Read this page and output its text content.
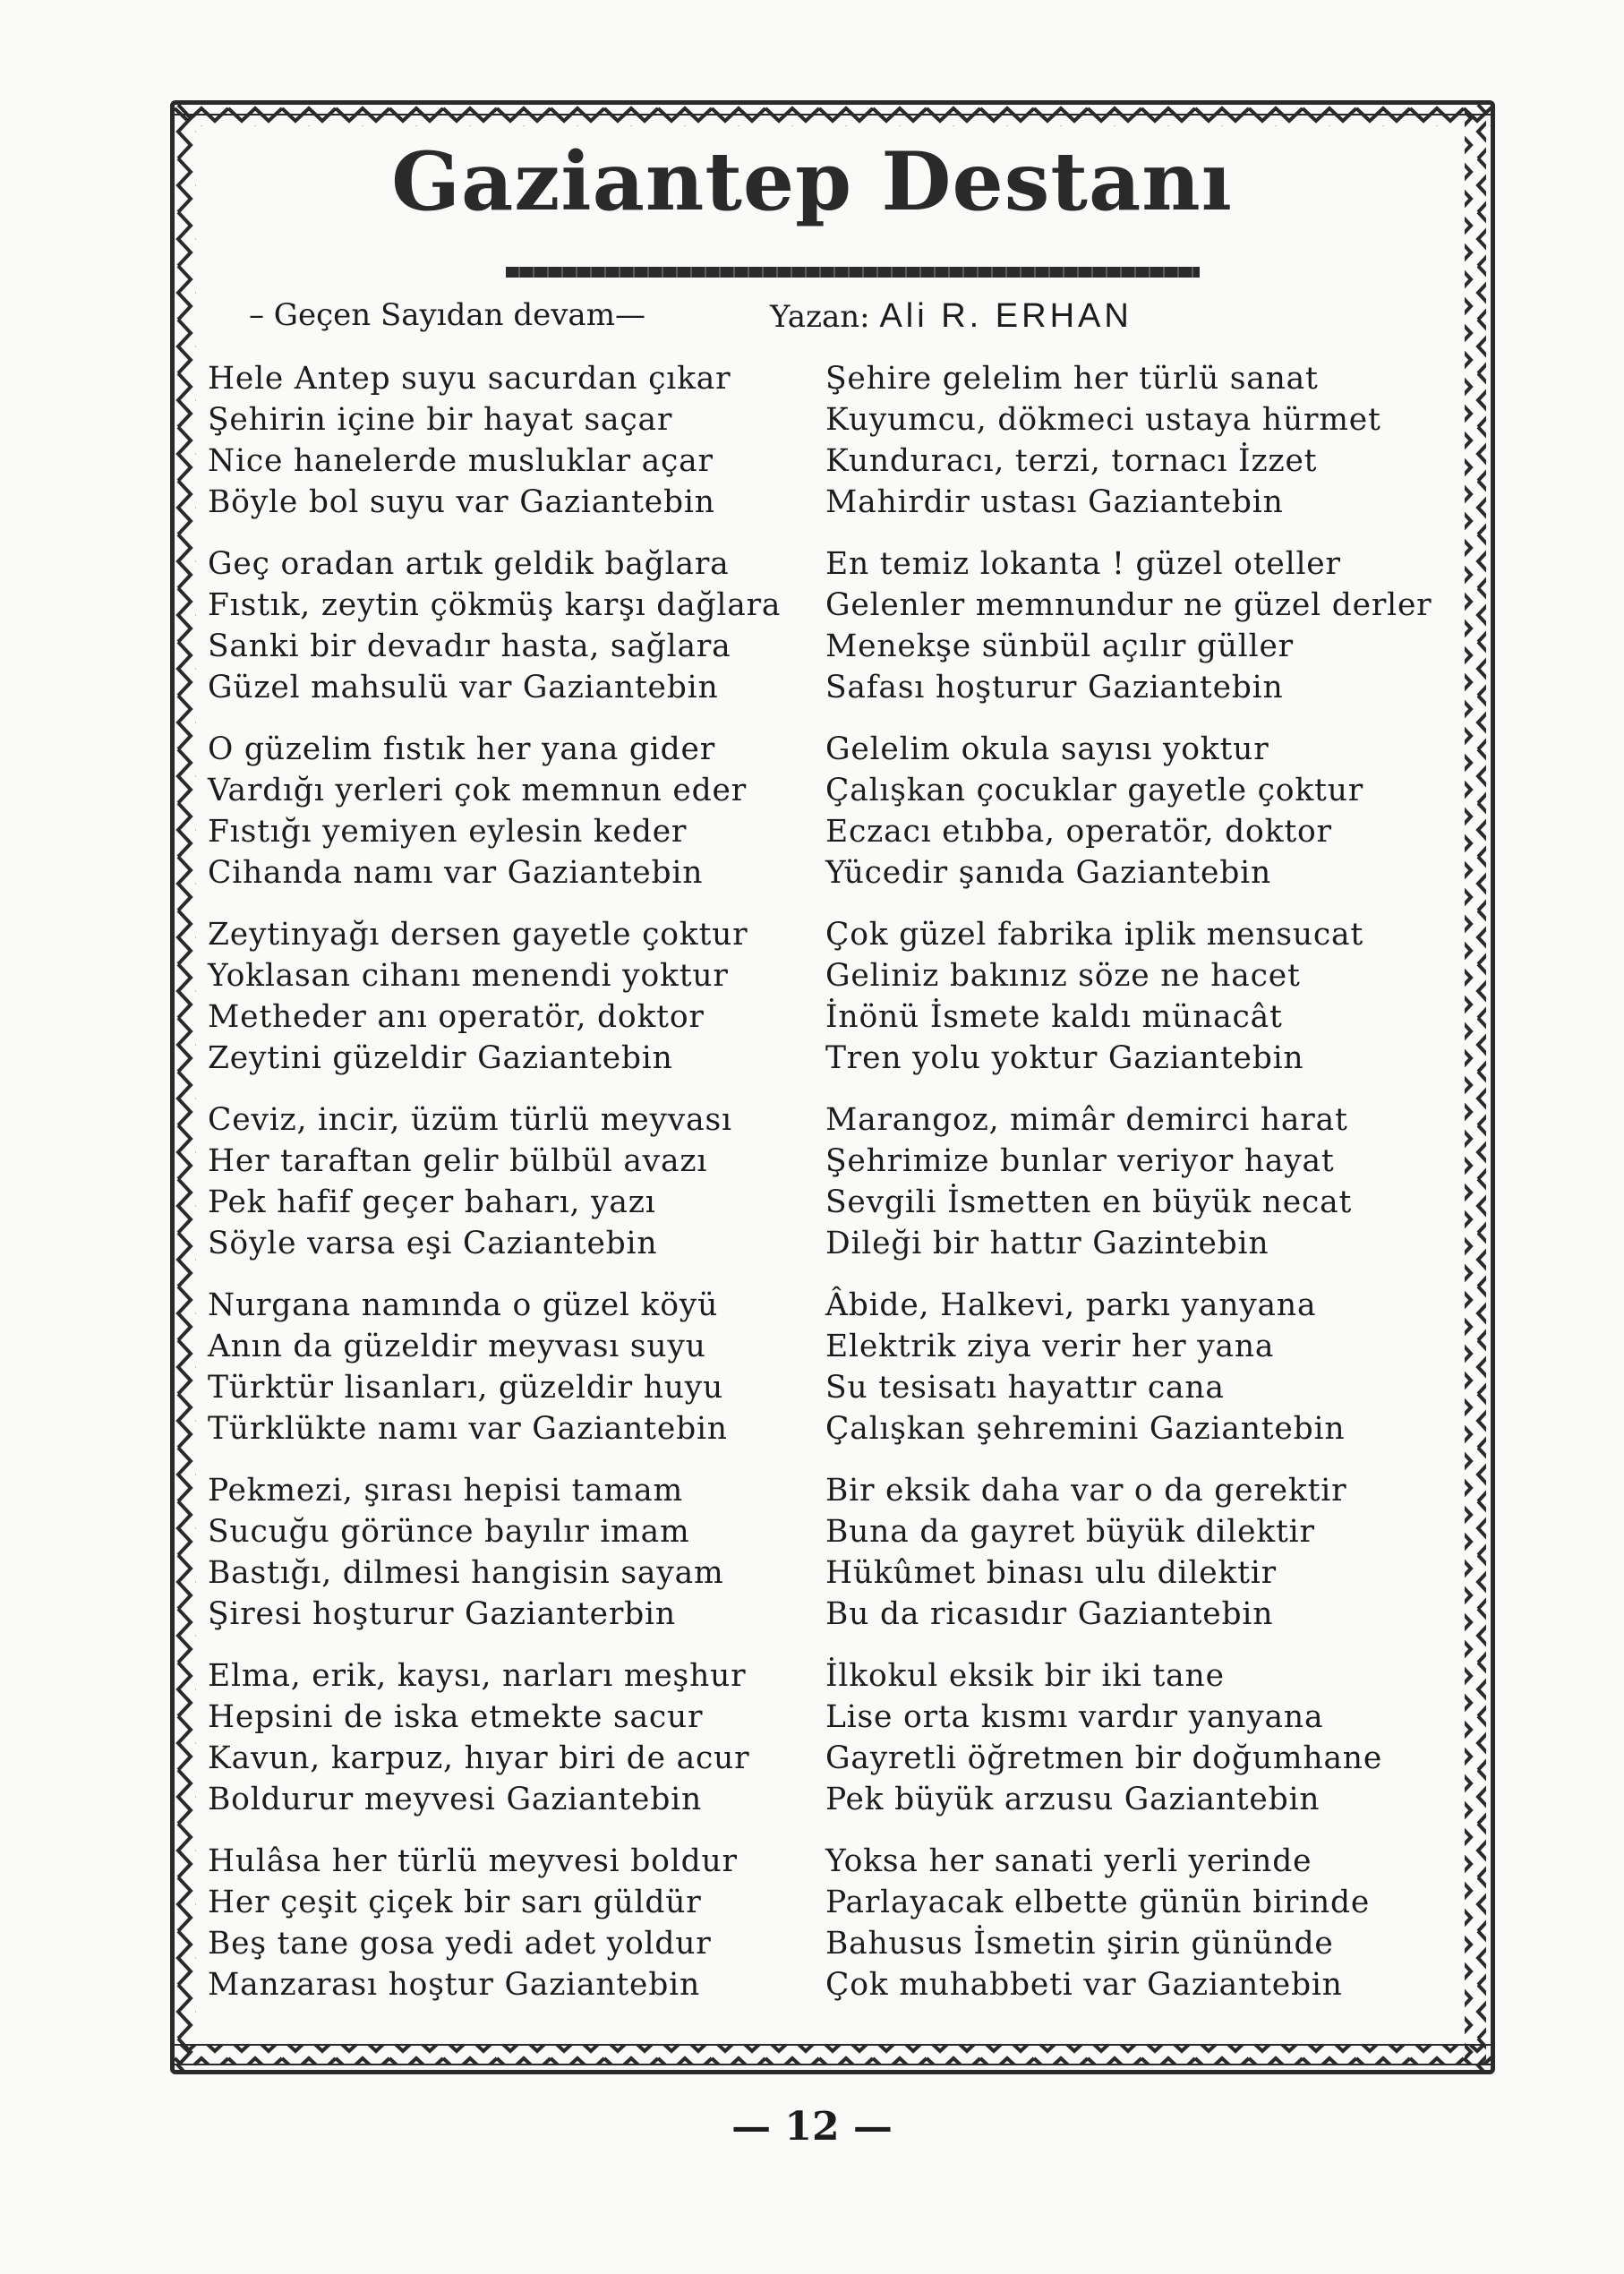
Gaziantep Destanı
– Geçen Sayıdan devam—	Yazan: Ali R. ERHAN
Hele Antep suyu sacurdan çıkar
Şehirin içine bir hayat saçar
Nice hanelerde musluklar açar
Böyle bol suyu var Gaziantebin
Geç oradan artık geldik bağlara
Fıstık, zeytin çökmüş karşı dağlara
Sanki bir devadır hasta, sağlara
Güzel mahsulü var Gaziantebin
O güzelim fıstık her yana gider
Vardığı yerleri çok memnun eder
Fıstığı yemiyen eylesin keder
Cihanda namı var Gaziantebin
Zeytinyağı dersen gayetle çoktur
Yoklasan cihanı menendi yoktur
Metheder anı operatör, doktor
Zeytini güzeldir Gaziantebin
Ceviz, incir, üzüm türlü meyvası
Her taraftan gelir bülbül avazı
Pek hafif geçer baharı, yazı
Söyle varsa eşi Caziantebin
Nurgana namında o güzel köyü
Anın da güzeldir meyvası suyu
Türktür lisanları, güzeldir huyu
Türklükte namı var Gaziantebin
Pekmezi, şırası hepisi tamam
Sucuğu görünce bayılır imam
Bastığı, dilmesi hangisin sayam
Şiresi hoşturur Gazianterbin
Elma, erik, kaysı, narları meşhur
Hepsini de iska etmekte sacur
Kavun, karpuz, hıyar biri de acur
Boldurur meyvesi Gaziantebin
Hulâsa her türlü meyvesi boldur
Her çeşit çiçek bir sarı güldür
Beş tane gosa yedi adet yoldur
Manzarası hoştur Gaziantebin
Şehire gelelim her türlü sanat
Kuyumcu, dökmeci ustaya hürmet
Kunduracı, terzi, tornacı İzzet
Mahirdir ustası Gaziantebin
En temiz lokanta ! güzel oteller
Gelenler memnundur ne güzel derler
Menekşe sünbül açılır güller
Safası hoşturur Gaziantebin
Gelelim okula sayısı yoktur
Çalışkan çocuklar gayetle çoktur
Eczacı etıbba, operatör, doktor
Yücedir şanıda Gaziantebin
Çok güzel fabrika iplik mensucat
Geliniz bakınız söze ne hacet
İnönü İsmete kaldı münacât
Tren yolu yoktur Gaziantebin
Marangoz, mimâr demirci harat
Şehrimize bunlar veriyor hayat
Sevgili İsmetten en büyük necat
Dileği bir hattır Gazintebin
Âbide, Halkevi, parkı yanyana
Elektrik ziya verir her yana
Su tesisatı hayattır cana
Çalışkan şehremini Gaziantebin
Bir eksik daha var o da gerektir
Buna da gayret büyük dilektir
Hükûmet binası ulu dilektir
Bu da ricasıdır Gaziantebin
İlkokul eksik bir iki tane
Lise orta kısmı vardır yanyana
Gayretli öğretmen bir doğumhane
Pek büyük arzusu Gaziantebin
Yoksa her sanati yerli yerinde
Parlayacak elbette günün birinde
Bahusus İsmetin şirin gününde
Çok muhabbeti var Gaziantebin
— 12 —
